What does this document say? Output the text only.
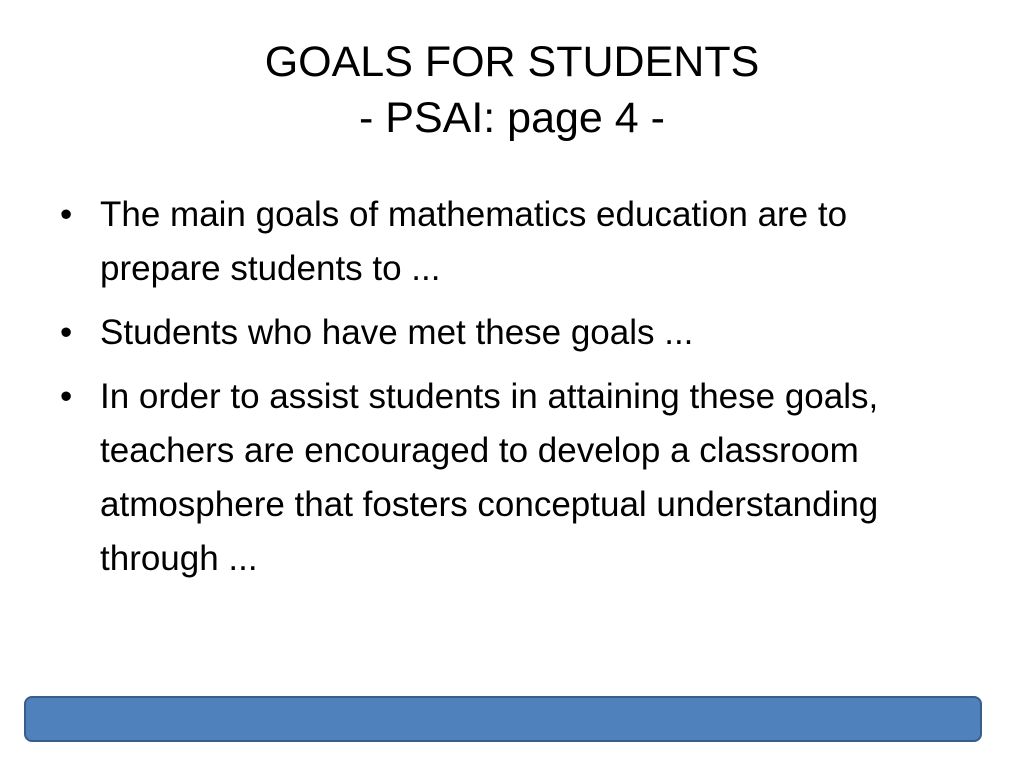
GOALS FOR STUDENTS
- PSAI: page 4 -
• The main goals of mathematics education are to prepare students to ...
• Students who have met these goals ...
• In order to assist students in attaining these goals, teachers are encouraged to develop a classroom atmosphere that fosters conceptual understanding through ...
